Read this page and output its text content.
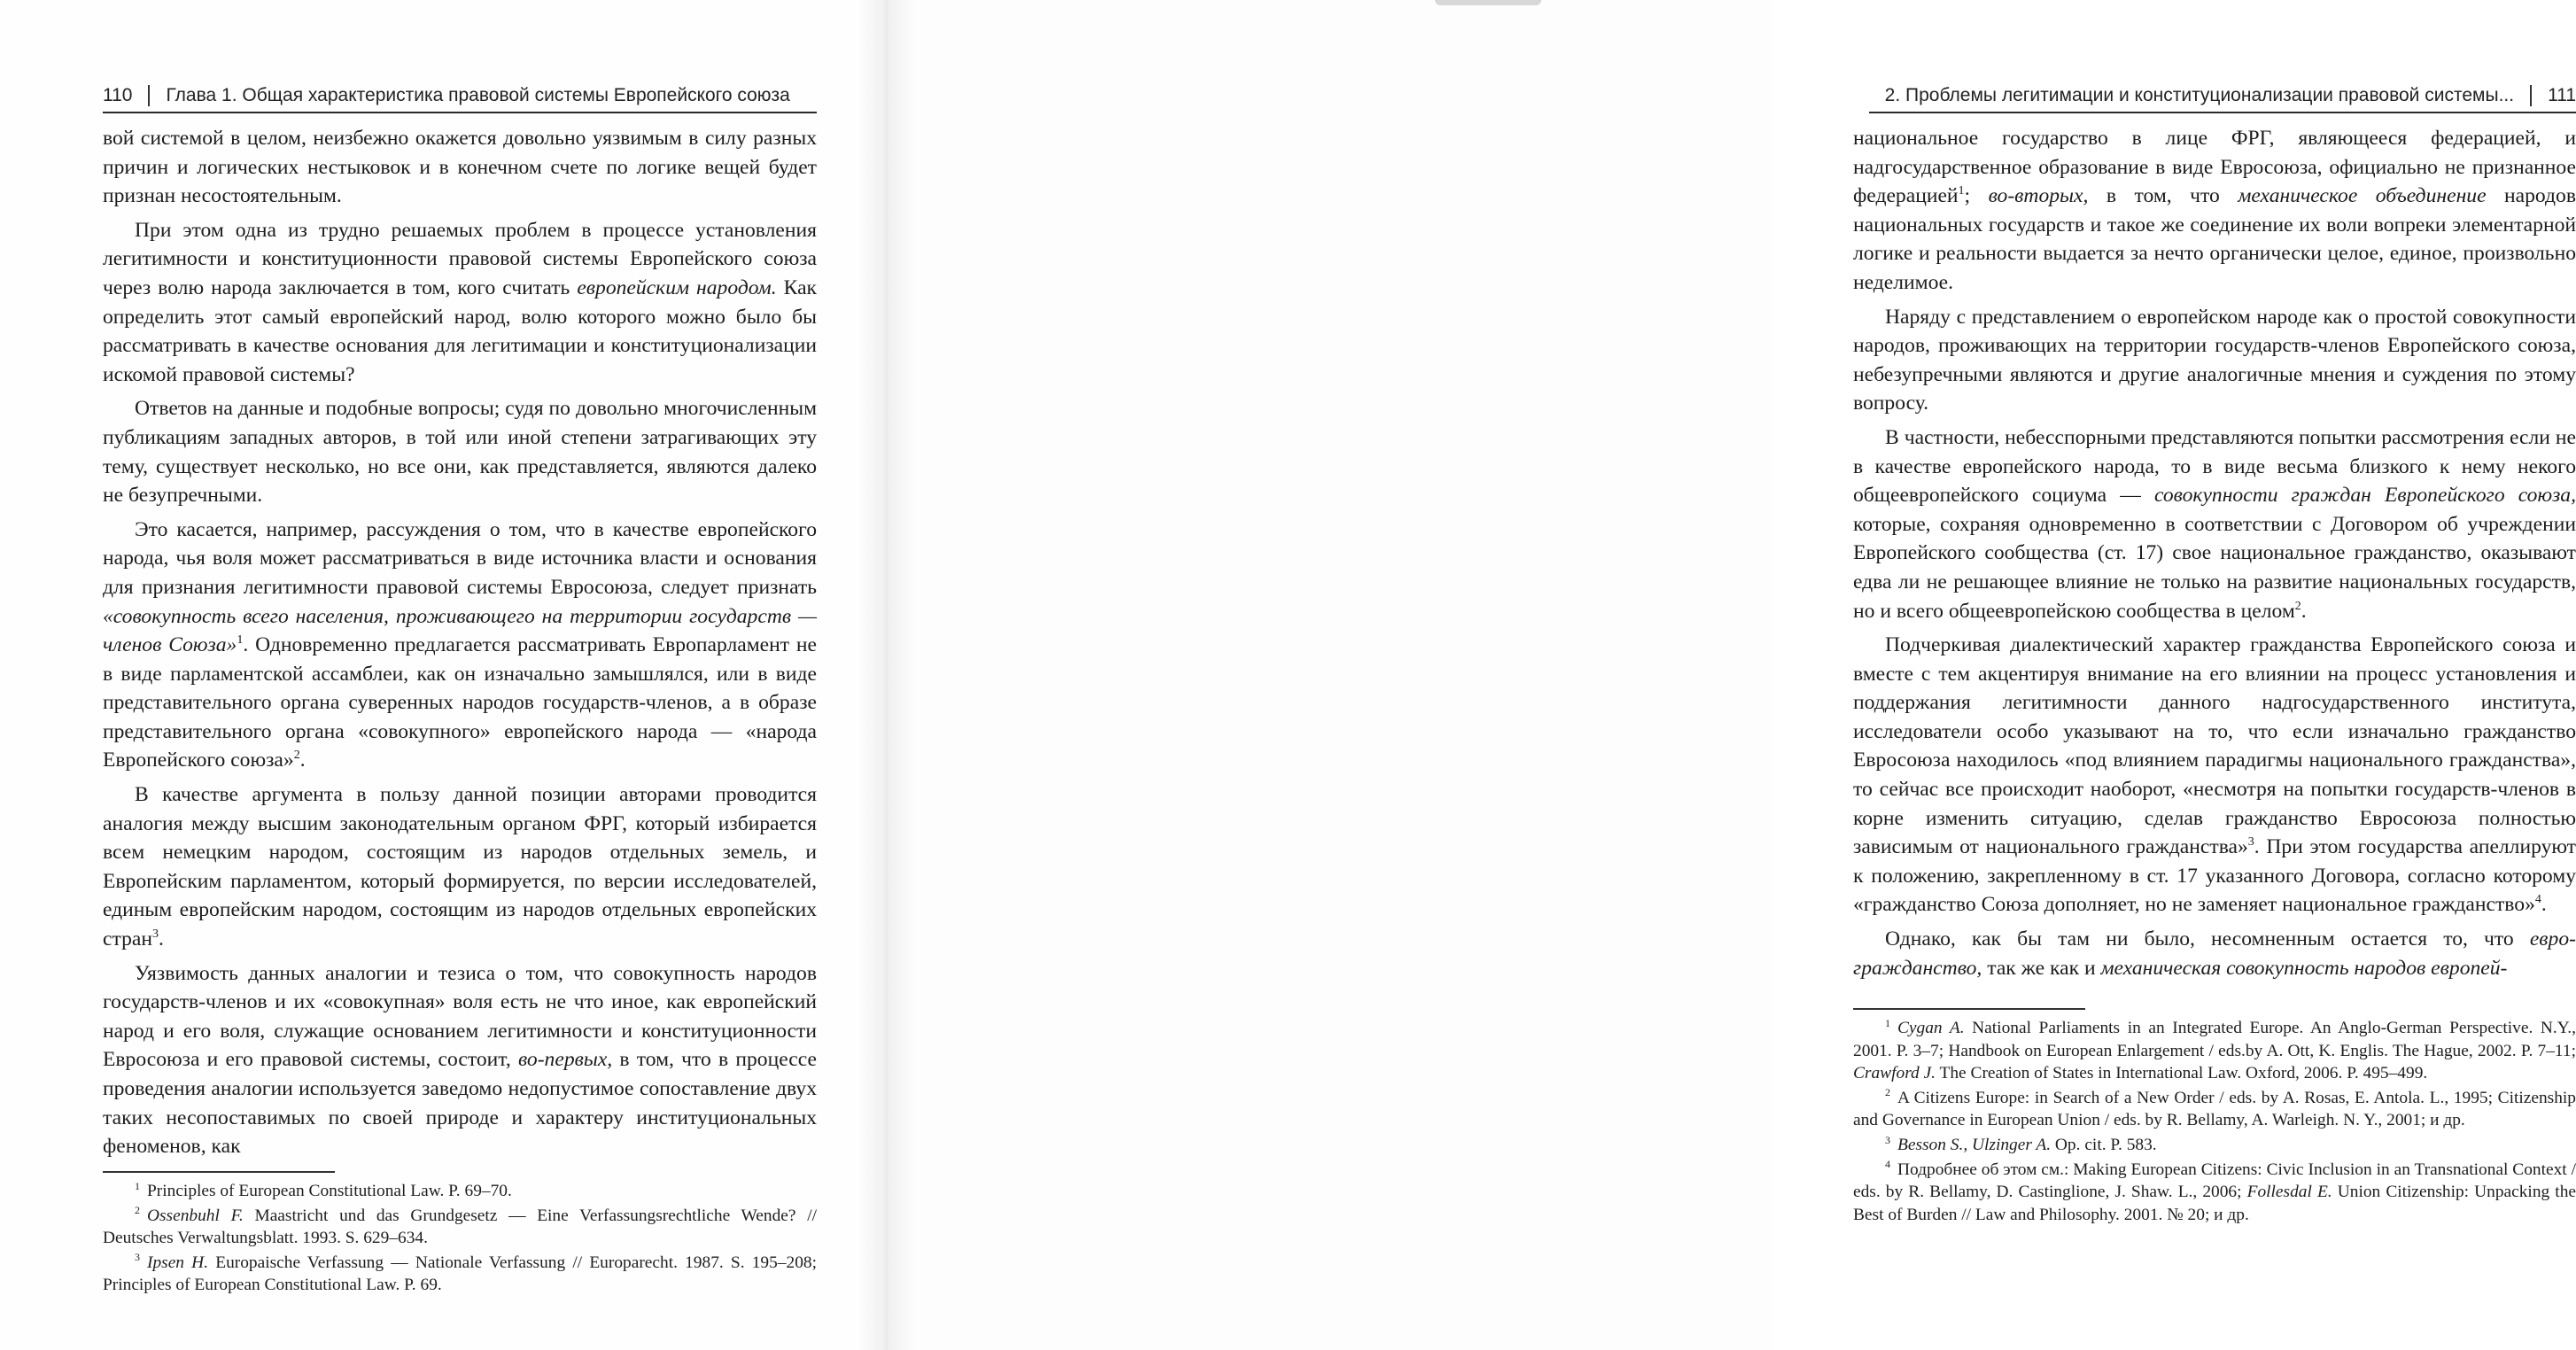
110 Глава 1. Общая характеристика правовой системы Европейского союза

вой системой в целом, неизбежно окажется довольно уязвимым в силу разных причин и логических нестыковок и в конечном счете по логике вещей будет признан несостоятельным.

При этом одна из трудно решаемых проблем в процессе установления легитимности и конституционности правовой системы Европейского союза через волю народа заключается в том, кого считать европейским народом. Как определить этот самый европейский народ, волю которого можно было бы рассматривать в качестве основания для легитимации и конституционализации искомой правовой системы?

Ответов на данные и подобные вопросы; судя по довольно многочисленным публикациям западных авторов, в той или иной степени затрагивающих эту тему, существует несколько, но все они, как представляется, являются далеко не безупречными.

Это касается, например, рассуждения о том, что в качестве европейского народа, чья воля может рассматриваться в виде источника власти и основания для признания легитимности правовой системы Евросоюза, следует признать «совокупность всего населения, проживающего на территории государств — членов Союза»$^1$. Одновременно предлагается рассматривать Европарламент не в виде парламентской ассамблеи, как он изначально замышлялся, или в виде представительного органа суверенных народов государств-членов, а в образе представительного органа «совокупного» европейского народа — «народа Европейского союза»$^2$.

В качестве аргумента в пользу данной позиции авторами проводится аналогия между высшим законодательным органом ФРГ, который избирается всем немецким народом, состоящим из народов отдельных земель, и Европейским парламентом, который формируется, по версии исследователей, единым европейским народом, состоящим из народов отдельных европейских стран$^3$.

Уязвимость данных аналогии и тезиса о том, что совокупность народов государств-членов и их «совокупная» воля есть не что иное, как европейский народ и его воля, служащие основанием легитимности и конституционности Евросоюза и его правовой системы, состоит, во-первых, в том, что в процессе проведения аналогии используется заведомо недопустимое сопоставление двух таких несопоставимых по своей природе и характеру институциональных феноменов, как

$^1$ Principles of European Constitutional Law. P. 69–70.

$^2$ Ossenbuhl F. Maastricht und das Grundgesetz — Eine Verfassungsrechtliche Wende? // Deutsches Verwaltungsblatt. 1993. S. 629–634.

$^3$ Ipsen H. Europaische Verfassung — Nationale Verfassung // Europarecht. 1987. S. 195–208; Principles of European Constitutional Law. P. 69.

2. Проблемы легитимации и конституционализации правовой системы... 111

национальное государство в лице ФРГ, являющееся федерацией, и надгосударственное образование в виде Евросоюза, официально не признанное федерацией$^1$; во-вторых, в том, что механическое объединение народов национальных государств и такое же соединение их воли вопреки элементарной логике и реальности выдается за нечто органически целое, единое, произвольно неделимое.

Наряду с представлением о европейском народе как о простой совокупности народов, проживающих на территории государств-членов Европейского союза, небезупречными являются и другие аналогичные мнения и суждения по этому вопросу.

В частности, небесспорными представляются попытки рассмотрения если не в качестве европейского народа, то в виде весьма близкого к нему некого общеевропейского социума — совокупности граждан Европейского союза, которые, сохраняя одновременно в соответствии с Договором об учреждении Европейского сообщества (ст. 17) свое национальное гражданство, оказывают едва ли не решающее влияние не только на развитие национальных государств, но и всего общеевропейскою сообщества в целом$^2$.

Подчеркивая диалектический характер гражданства Европейского союза и вместе с тем акцентируя внимание на его влиянии на процесс установления и поддержания легитимности данного надгосударственного института, исследователи особо указывают на то, что если изначально гражданство Евросоюза находилось «под влиянием парадигмы национального гражданства», то сейчас все происходит наоборот, «несмотря на попытки государств-членов в корне изменить ситуацию, сделав гражданство Евросоюза полностью зависимым от национального гражданства»$^3$. При этом государства апеллируют к положению, закрепленному в ст. 17 указанного Договора, согласно которому «гражданство Союза дополняет, но не заменяет национальное гражданство»$^4$.

Однако, как бы там ни было, несомненным остается то, что евро-гражданство, так же как и механическая совокупность народов европей-

$^1$ Cygan A. National Parliaments in an Integrated Europe. An Anglo-German Perspective. N.Y., 2001. P. 3–7; Handbook on European Enlargement / eds.by A. Ott, K. Englis. The Hague, 2002. P. 7–11; Crawford J. The Creation of States in International Law. Oxford, 2006. P. 495–499.

$^2$ A Citizens Europe: in Search of a New Order / eds. by A. Rosas, E. Antola. L., 1995; Citizenship and Governance in European Union / eds. by R. Bellamy, A. Warleigh. N. Y., 2001; и др.

$^3$ Besson S., Ulzinger A. Op. cit. P. 583.

$^4$ Подробнее об этом см.: Making European Citizens: Civic Inclusion in an Transnational Context / eds. by R. Bellamy, D. Castinglione, J. Shaw. L., 2006; Follesdal E. Union Citizenship: Unpacking the Best of Burden // Law and Philosophy. 2001. № 20; и др.
